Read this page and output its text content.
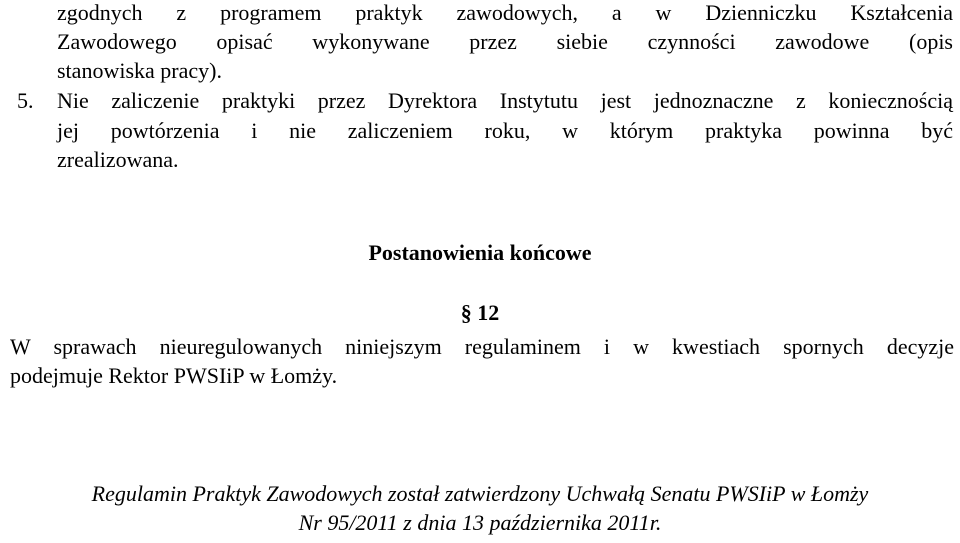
zgodnych z programem praktyk zawodowych, a w Dzienniczku Kształcenia
Zawodowego opisać wykonywane przez siebie czynności zawodowe (opis
stanowiska pracy).
5. Nie zaliczenie praktyki przez Dyrektora Instytutu jest jednoznaczne z koniecznością
jej powtórzenia i nie zaliczeniem roku, w którym praktyka powinna być
zrealizowana.
Postanowienia końcowe
§ 12
W sprawach nieuregulowanych niniejszym regulaminem i w kwestiach spornych decyzje
podejmuje Rektor PWSIiP w Łomży.
Regulamin Praktyk Zawodowych został zatwierdzony Uchwałą Senatu PWSIiP w Łomży
Nr 95/2011 z dnia 13 października 2011r.
